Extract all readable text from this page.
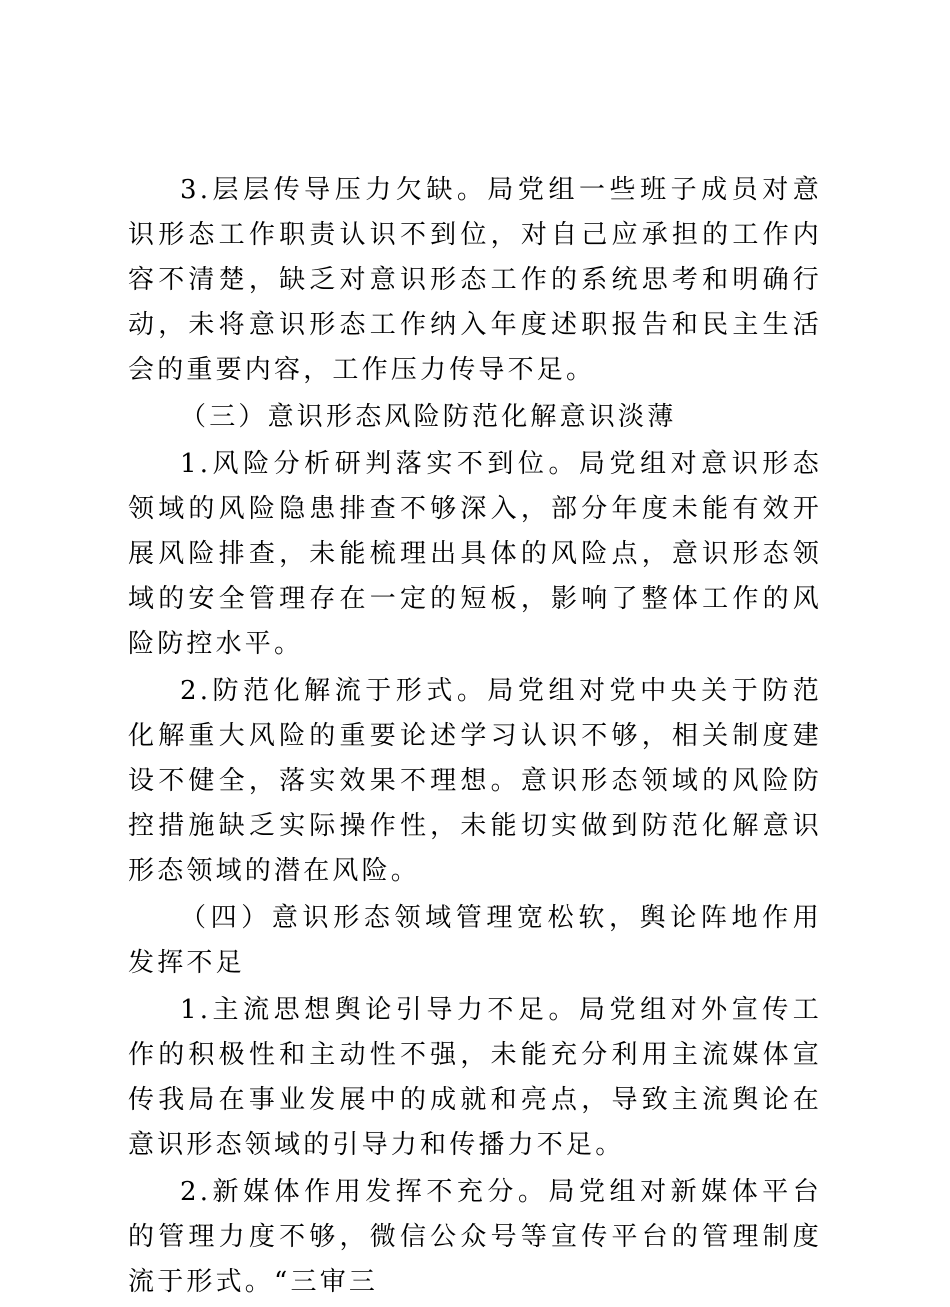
3.层层传导压力欠缺。局党组一些班子成员对意识形态工作职责认识不到位，对自己应承担的工作内容不清楚，缺乏对意识形态工作的系统思考和明确行动，未将意识形态工作纳入年度述职报告和民主生活会的重要内容，工作压力传导不足。

（三）意识形态风险防范化解意识淡薄

1.风险分析研判落实不到位。局党组对意识形态领域的风险隐患排查不够深入，部分年度未能有效开展风险排查，未能梳理出具体的风险点，意识形态领域的安全管理存在一定的短板，影响了整体工作的风险防控水平。

2.防范化解流于形式。局党组对党中央关于防范化解重大风险的重要论述学习认识不够，相关制度建设不健全，落实效果不理想。意识形态领域的风险防控措施缺乏实际操作性，未能切实做到防范化解意识形态领域的潜在风险。

（四）意识形态领域管理宽松软，舆论阵地作用发挥不足

1.主流思想舆论引导力不足。局党组对外宣传工作的积极性和主动性不强，未能充分利用主流媒体宣传我局在事业发展中的成就和亮点，导致主流舆论在意识形态领域的引导力和传播力不足。

2.新媒体作用发挥不充分。局党组对新媒体平台的管理力度不够，微信公众号等宣传平台的管理制度流于形式。“三审三
